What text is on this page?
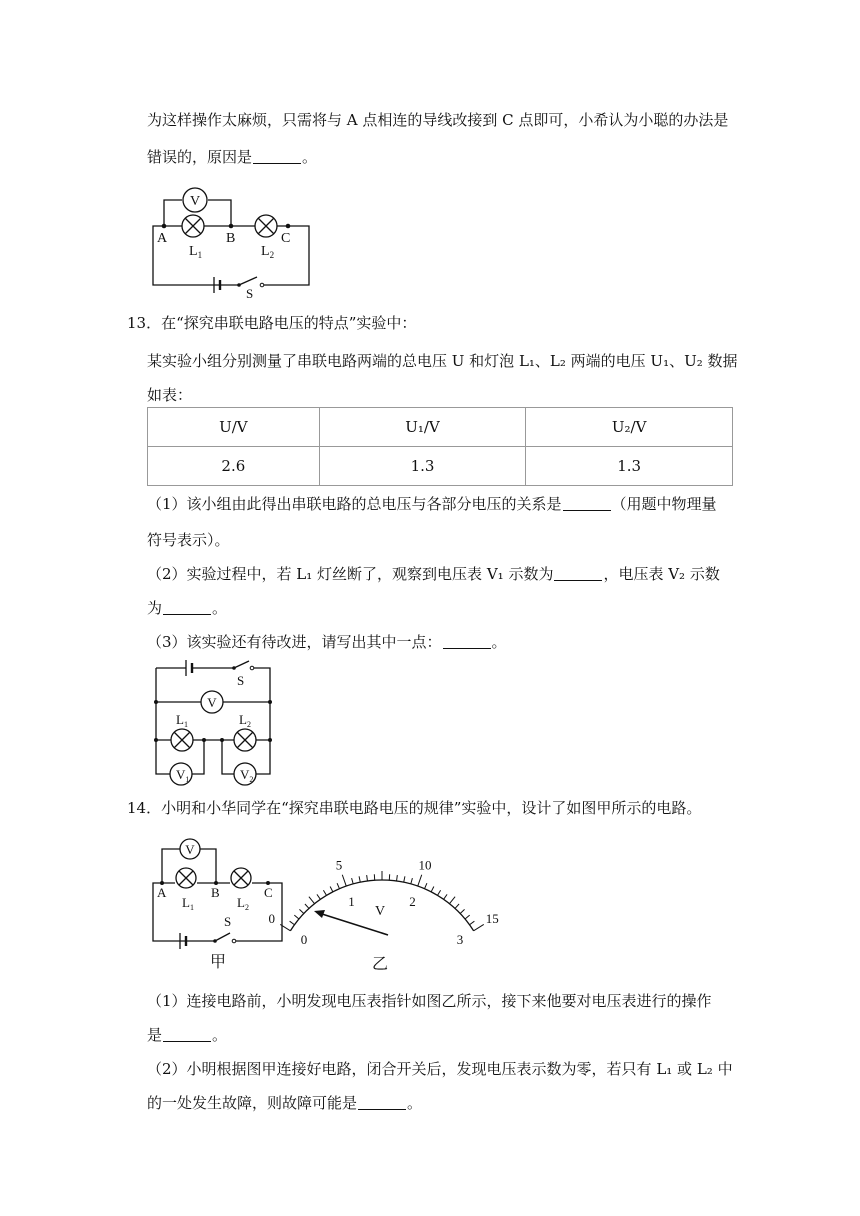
为这样操作太麻烦，只需将与 A 点相连的导线改接到 C 点即可，小希认为小聪的办法是
错误的，原因是	。
V
A	B	C
$L_1$	$L_2$
S
13．在“探究串联电路电压的特点”实验中：
某实验小组分别测量了串联电路两端的总电压 U 和灯泡 L₁、L₂ 两端的电压 U₁、U₂ 数据
如表：
U/V	U₁/V	U₂/V
2.6	1.3	1.3
（1）该小组由此得出串联电路的总电压与各部分电压的关系是	（用题中物理量
符号表示）。
（2）实验过程中，若 L₁ 灯丝断了，观察到电压表 V₁ 示数为	，电压表 V₂ 示数
为	。
（3）该实验还有待改进，请写出其中一点：	。
V
$V_1$	$V_2$
S
$L_1$	$L_2$
14．小明和小华同学在“探究串联电路电压的规律”实验中，设计了如图甲所示的电路。
V
A	B	C
$L_1$	$L_2$
S
甲
0
5	10
15
0
1	2
3
V
乙
（1）连接电路前，小明发现电压表指针如图乙所示，接下来他要对电压表进行的操作
是	。
（2）小明根据图甲连接好电路，闭合开关后，发现电压表示数为零，若只有 L₁ 或 L₂ 中
的一处发生故障，则故障可能是	。
